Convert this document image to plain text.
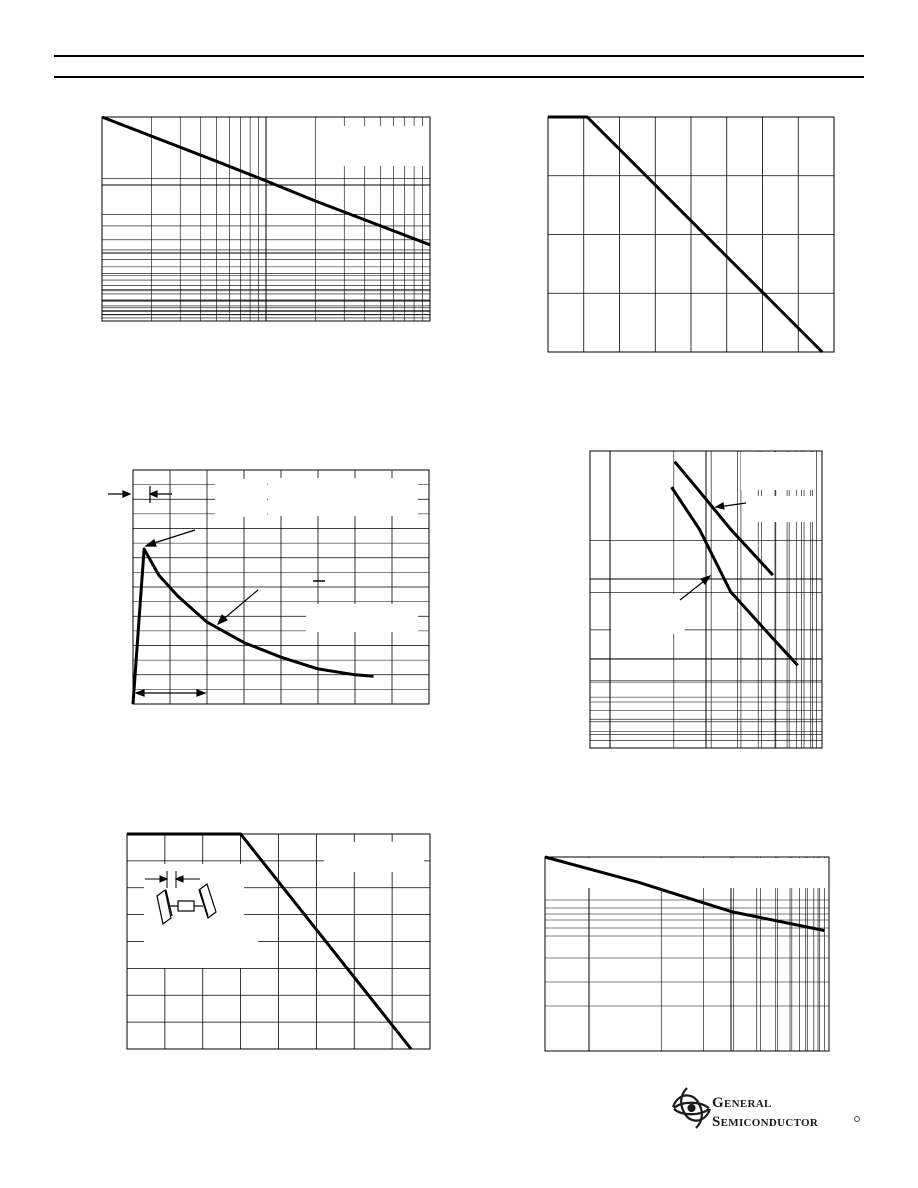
General
Semiconductor
